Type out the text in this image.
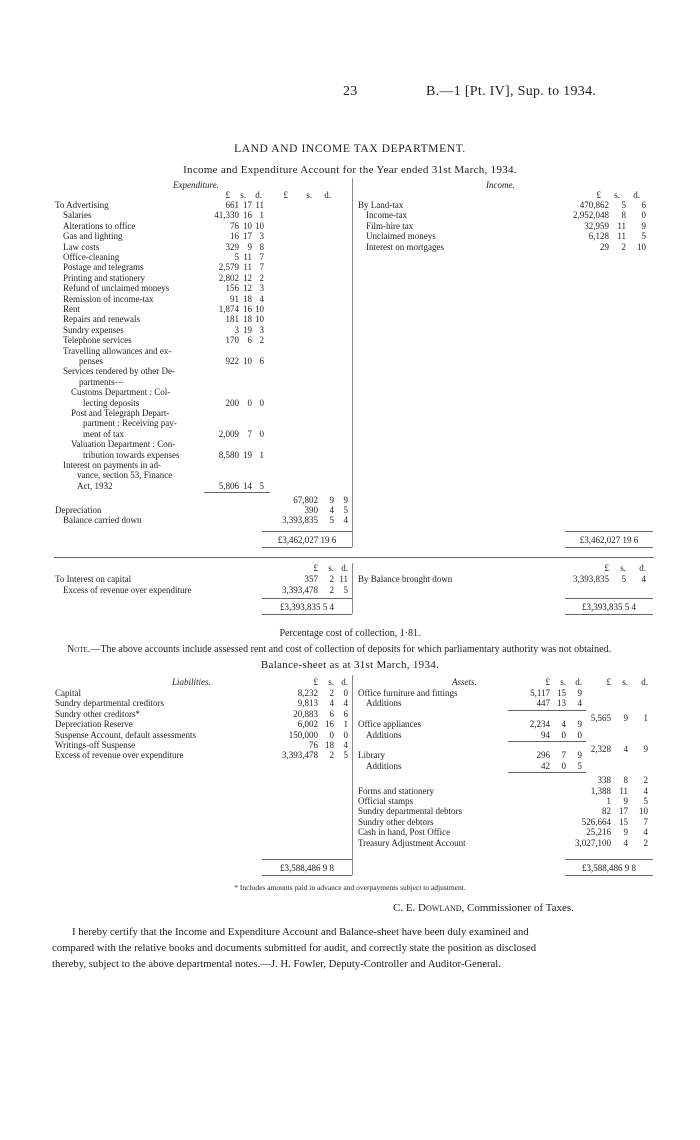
23	B.—1 [Pt. IV], Sup. to 1934.
LAND AND INCOME TAX DEPARTMENT.
Income and Expenditure Account for the Year ended 31st March, 1934.
Expenditure.	Income.
£	s.	d.	£	s.	d.	£	s.	d.
To Advertising	661 17 11
Salaries	41,330 16 1
Alterations to office	76 10 10
Gas and lighting	16 17 3
Law costs	329 9 8
Office-cleaning	5 11 7
Postage and telegrams	2,579 11 7
Printing and stationery	2,802 12 2
Refund of unclaimed moneys	156 12 3
Remission of income-tax	91 18 4
Rent	1,874 16 10
Repairs and renewals	181 18 10
Sundry expenses	3 19 3
Telephone services	170 6 2
Travelling allowances and ex-
penses	922 10 6
Services rendered by other De-
partments—
Customs Department : Col-
lecting deposits	200 0 0
Post and Telegraph Depart-
partment : Receiving pay-
ment of tax	2,009 7 0
Valuation Department : Con-
tribution towards expenses	8,580 19 1
Interest on payments in ad-
vance, section 53, Finance
Act, 1932	5,806 14 5
67,802	9	9
Depreciation	390	4	5
Balance carried down	3,393,835	5	4
By Land-tax	470,862	5	6
Income-tax	2,952,048	8	0
Film-hire tax	32,959 11	9
Unclaimed moneys	6,128 11	5
Interest on mortgages	29	2	10
£3,462,027 19 6	£3,462,027 19 6
£	s. d.	£	s.	d.
To Interest on capital	357	2 11
Excess of revenue over expenditure	3,393,478	2	5
By Balance brought down	3,393,835	5	4
£3,393,835 5 4	£3,393,835 5 4
Percentage cost of collection, 1·81.
Note.—The above accounts include assessed rent and cost of collection of deposits for which parliamentary authority was not obtained.
Balance-sheet as at 31st March, 1934.
Liabilities.	Assets.
£	s. d.	£	s.	d.	£	s.	d.
Capital	8,232	2	0
Sundry departmental creditors	9,813	4	4
Sundry other creditors*	20,883	6	6
Depreciation Reserve	6,002 16	1
Suspense Account, default assessments	150,000	0	0
Writings-off Suspense	76 18	4
Excess of revenue over expenditure	3,393,478	2	5
Office furniture and fittings	5,117 15	9
Additions	447 13	4
5,565	9	1
Office appliances	2,234	4	9
Additions	94	0	0
2,328	4	9
Library	296	7	9
Additions	42	0	5
338	8	2
Forms and stationery	1,388 11	4
Official stamps	1	9	5
Sundry departmental debtors	82 17	10
Sundry other debtors	526,664 15	7
Cash in hand, Post Office	25,216	9	4
Treasury Adjustment Account	3,027,100	4	2
£3,588,486 9 8	£3,588,486 9 8
* Includes amounts paid in advance and overpayments subject to adjustment.
C. E. Dowland, Commissioner of Taxes.
I hereby certify that the Income and Expenditure Account and Balance-sheet have been duly examined and
compared with the relative books and documents submitted for audit, and correctly state the position as disclosed
thereby, subject to the above departmental notes.—J. H. Fowler, Deputy-Controller and Auditor-General.
